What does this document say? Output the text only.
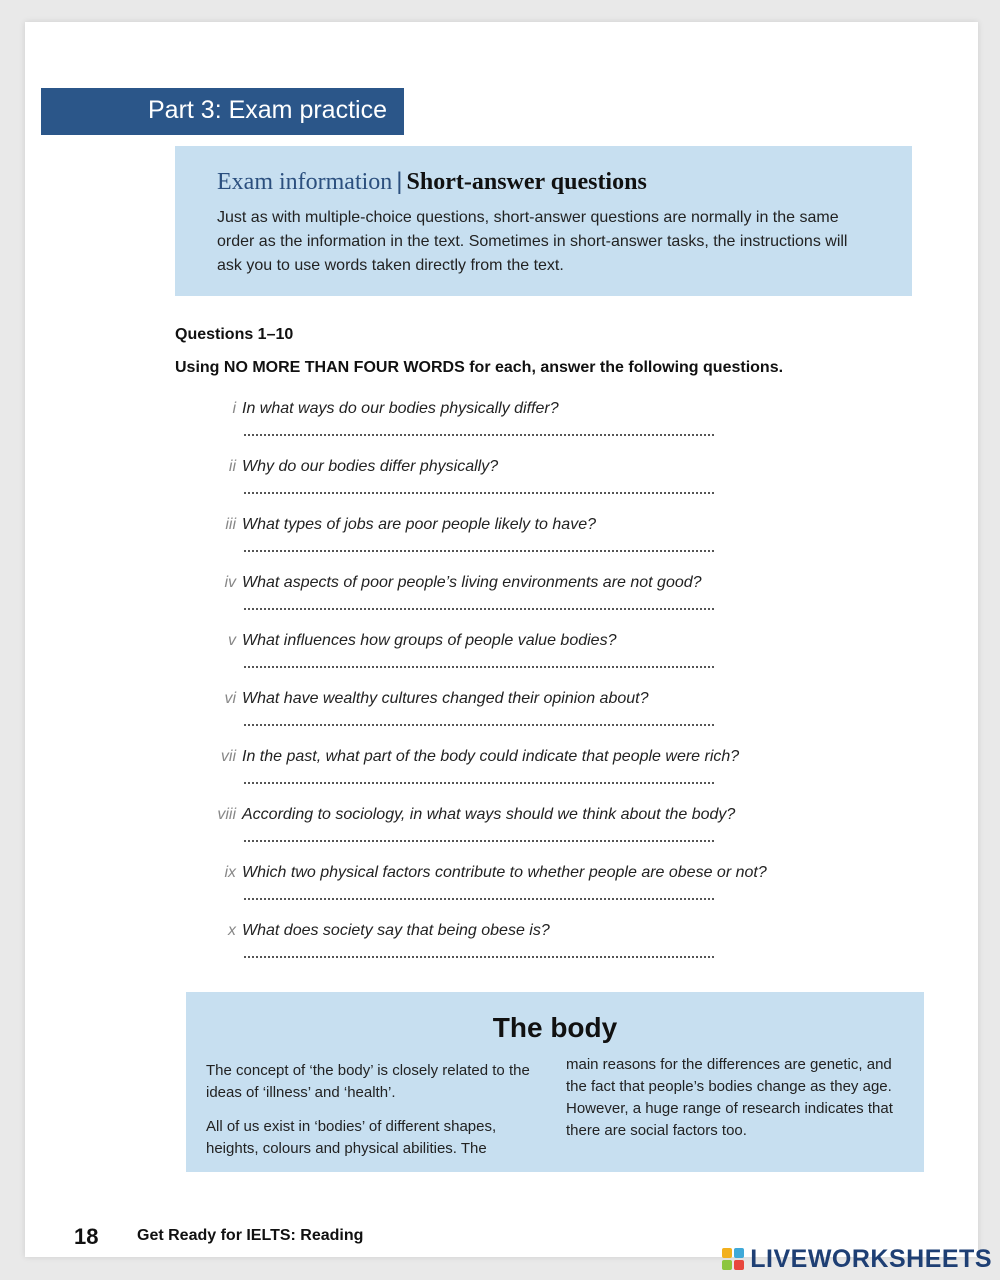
Part 3: Exam practice
Exam information | Short-answer questions

Just as with multiple-choice questions, short-answer questions are normally in the same order as the information in the text. Sometimes in short-answer tasks, the instructions will ask you to use words taken directly from the text.

Questions 1–10
Using NO MORE THAN FOUR WORDS for each, answer the following questions.
i In what ways do our bodies physically differ?
ii Why do our bodies differ physically?
iii What types of jobs are poor people likely to have?
iv What aspects of poor people’s living environments are not good?
v What influences how groups of people value bodies?
vi What have wealthy cultures changed their opinion about?
vii In the past, what part of the body could indicate that people were rich?
viii According to sociology, in what ways should we think about the body?
ix Which two physical factors contribute to whether people are obese or not?
x What does society say that being obese is?
The body

The concept of ‘the body’ is closely related to the ideas of ‘illness’ and ‘health’.

All of us exist in ‘bodies’ of different shapes, heights, colours and physical abilities. The

main reasons for the differences are genetic, and the fact that people’s bodies change as they age. However, a huge range of research indicates that there are social factors too.

18 Get Ready for IELTS: Reading
LIVEWORKSHEETS
